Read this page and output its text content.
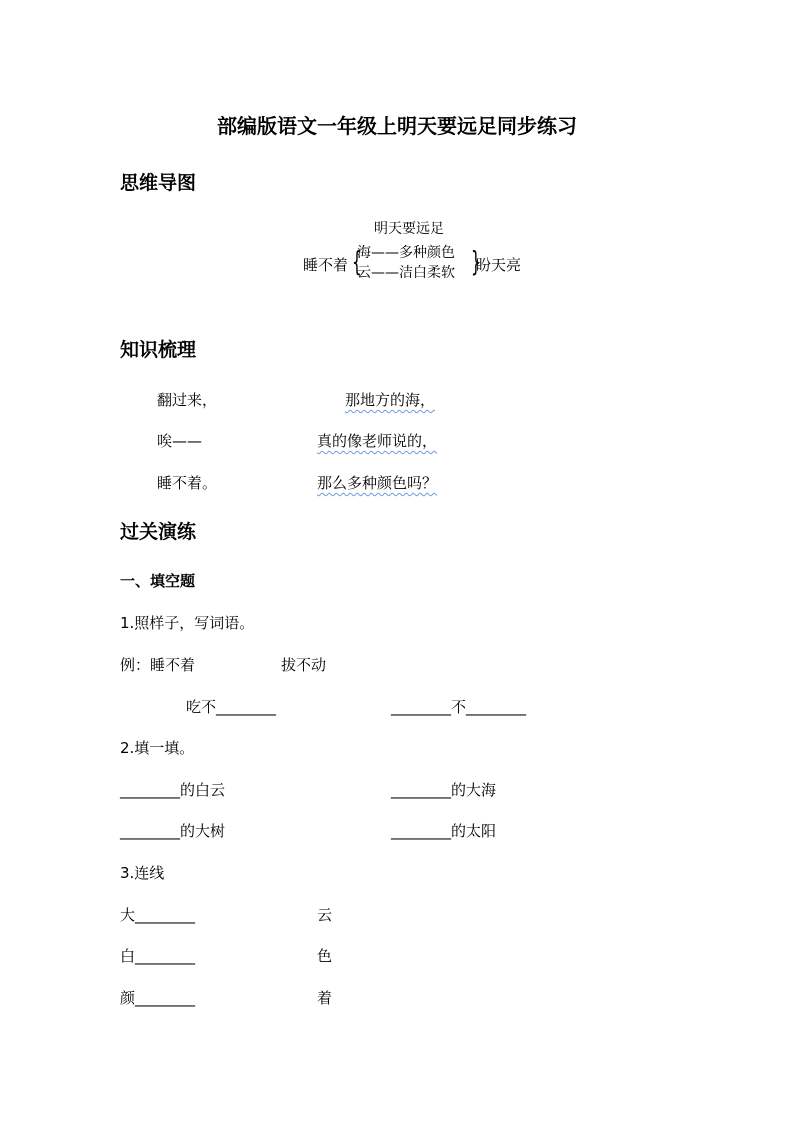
部编版语文一年级上明天要远足同步练习
思维导图
明天要远足
睡不着 {
海——多种颜色
云——洁白柔软 }
盼天亮
知识梳理
翻过来，	那地方的海，
唉——	真的像老师说的，
睡不着。	那么多种颜色吗？
过关演练
一、填空题
1.照样子，写词语。
例：睡不着	拔不动
吃不________	________不________
2.填一填。
________的白云	________的大海
________的大树	________的太阳
3.连线
大________	云
白________	色
颜________	着
